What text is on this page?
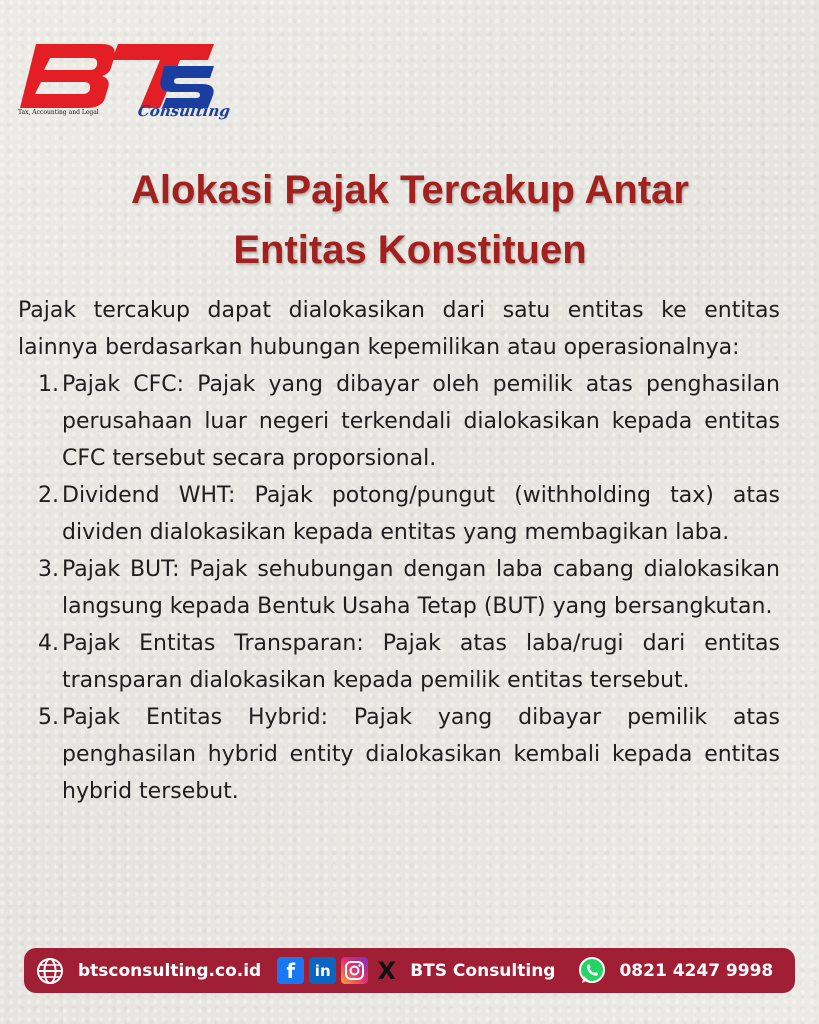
Tax, Accounting and Legal	Consulting
Alokasi Pajak Tercakup Antar
Entitas Konstituen

Pajak tercakup dapat dialokasikan dari satu entitas ke entitas lainnya berdasarkan hubungan kepemilikan atau operasionalnya:

1. Pajak CFC: Pajak yang dibayar oleh pemilik atas penghasilan perusahaan luar negeri terkendali dialokasikan kepada entitas CFC tersebut secara proporsional.
2. Dividend WHT: Pajak potong/pungut (withholding tax) atas dividen dialokasikan kepada entitas yang membagikan laba.
3. Pajak BUT: Pajak sehubungan dengan laba cabang dialokasikan langsung kepada Bentuk Usaha Tetap (BUT) yang bersangkutan.
4. Pajak Entitas Transparan: Pajak atas laba/rugi dari entitas transparan dialokasikan kepada pemilik entitas tersebut.
5. Pajak Entitas Hybrid: Pajak yang dibayar pemilik atas penghasilan hybrid entity dialokasikan kembali kepada entitas hybrid tersebut.
btsconsulting.co.id	f	in X BTS Consulting	0821 4247 9998
